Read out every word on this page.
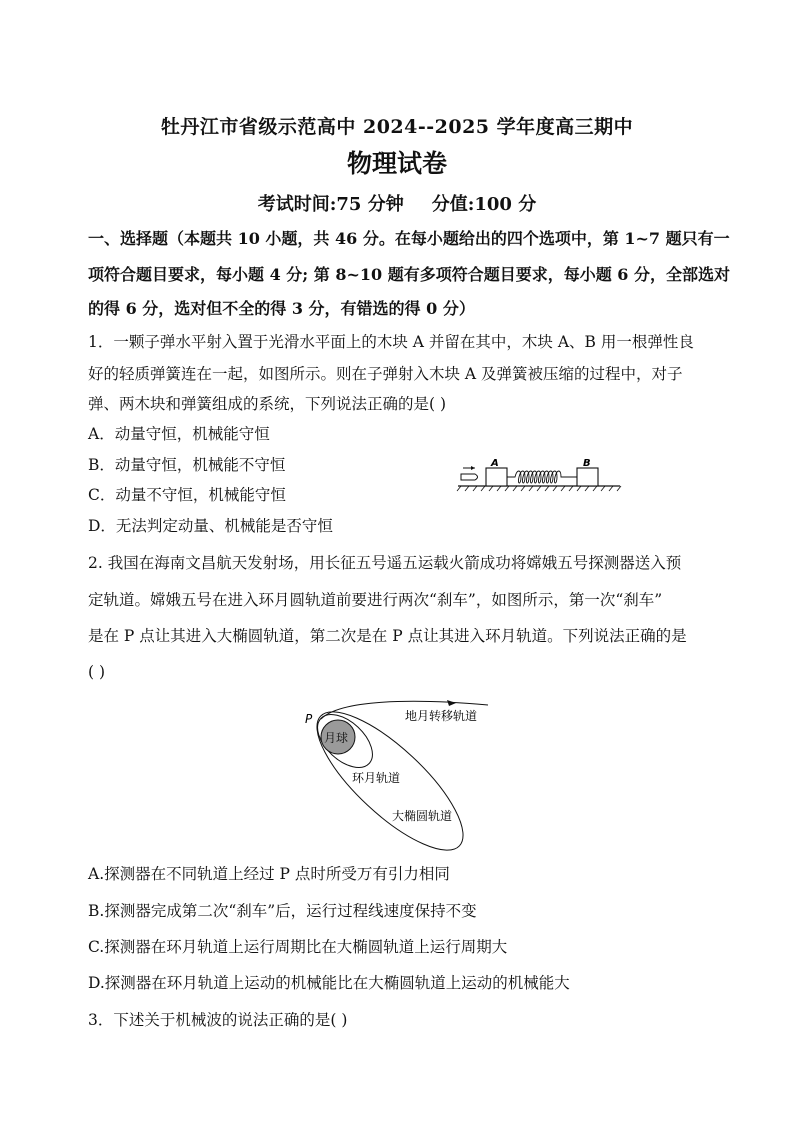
牡丹江市省级示范高中 2024--2025 学年度高三期中
物理试卷
考试时间:75 分钟 分值:100 分
一、选择题（本题共 10 小题，共 46 分。在每小题给出的四个选项中，第 1~7 题只有一
项符合题目要求，每小题 4 分; 第 8~10 题有多项符合题目要求，每小题 6 分，全部选对
的得 6 分，选对但不全的得 3 分，有错选的得 0 分）
1．一颗子弹水平射入置于光滑水平面上的木块 A 并留在其中，木块 A、B 用一根弹性良
好的轻质弹簧连在一起，如图所示。则在子弹射入木块 A 及弹簧被压缩的过程中，对子
弹、两木块和弹簧组成的系统，下列说法正确的是( )
A．动量守恒，机械能守恒
B．动量守恒，机械能不守恒
C．动量不守恒，机械能守恒
D．无法判定动量、机械能是否守恒
A	B
2. 我国在海南文昌航天发射场，用长征五号遥五运载火箭成功将嫦娥五号探测器送入预
定轨道。嫦娥五号在进入环月圆轨道前要进行两次“刹车”，如图所示，第一次“刹车”
是在 P 点让其进入大椭圆轨道，第二次是在 P 点让其进入环月轨道。下列说法正确的是
( )
月球
P	地月转移轨道
环月轨道
大椭圆轨道
A.探测器在不同轨道上经过 P 点时所受万有引力相同
B.探测器完成第二次“刹车”后，运行过程线速度保持不变
C.探测器在环月轨道上运行周期比在大椭圆轨道上运行周期大
D.探测器在环月轨道上运动的机械能比在大椭圆轨道上运动的机械能大
3．下述关于机械波的说法正确的是( )
